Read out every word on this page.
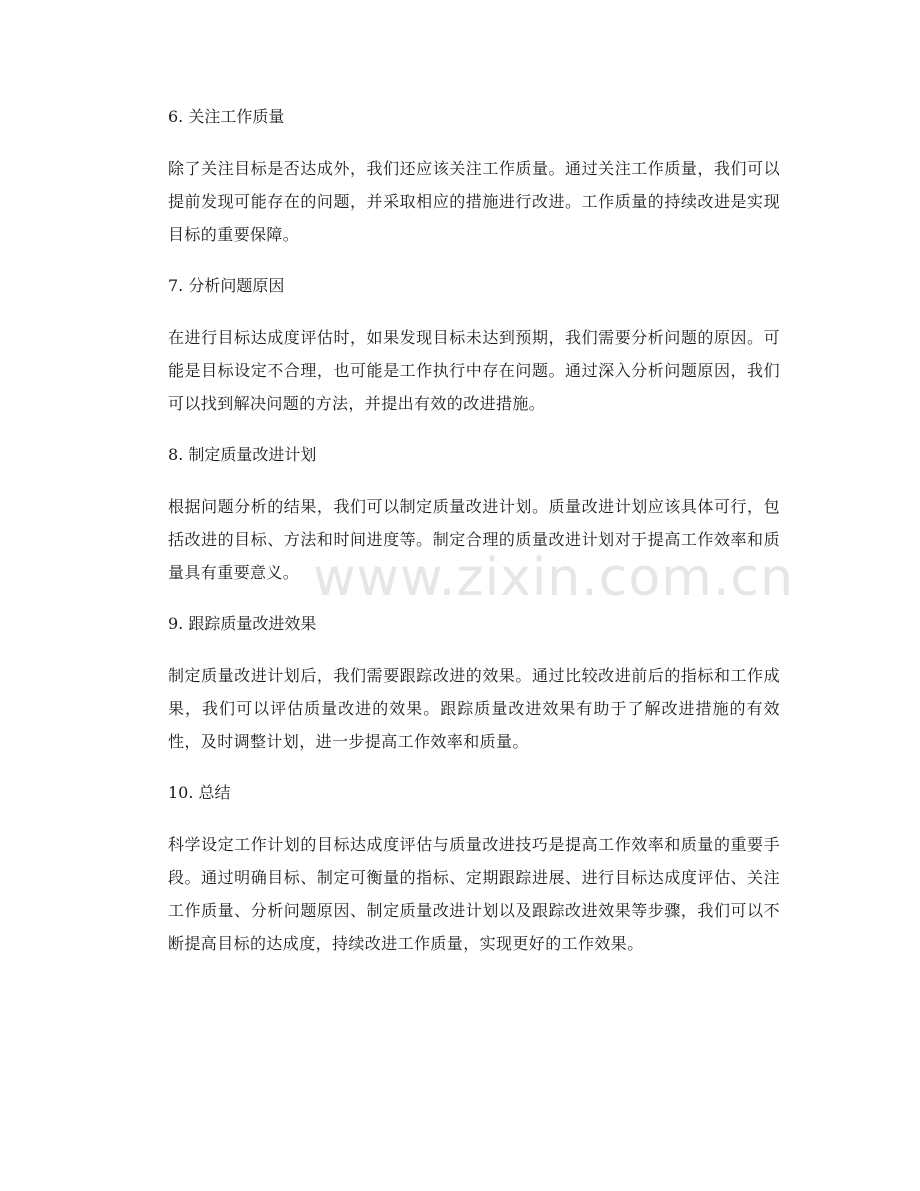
6. 关注工作质量

除了关注目标是否达成外，我们还应该关注工作质量。通过关注工作质量，我们可以提前发现可能存在的问题，并采取相应的措施进行改进。工作质量的持续改进是实现目标的重要保障。

7. 分析问题原因

在进行目标达成度评估时，如果发现目标未达到预期，我们需要分析问题的原因。可能是目标设定不合理，也可能是工作执行中存在问题。通过深入分析问题原因，我们可以找到解决问题的方法，并提出有效的改进措施。

8. 制定质量改进计划

根据问题分析的结果，我们可以制定质量改进计划。质量改进计划应该具体可行，包括改进的目标、方法和时间进度等。制定合理的质量改进计划对于提高工作效率和质量具有重要意义。

9. 跟踪质量改进效果

制定质量改进计划后，我们需要跟踪改进的效果。通过比较改进前后的指标和工作成果，我们可以评估质量改进的效果。跟踪质量改进效果有助于了解改进措施的有效性，及时调整计划，进一步提高工作效率和质量。

10. 总结

科学设定工作计划的目标达成度评估与质量改进技巧是提高工作效率和质量的重要手段。通过明确目标、制定可衡量的指标、定期跟踪进展、进行目标达成度评估、关注工作质量、分析问题原因、制定质量改进计划以及跟踪改进效果等步骤，我们可以不断提高目标的达成度，持续改进工作质量，实现更好的工作效果。

www.zixin.com.cn
